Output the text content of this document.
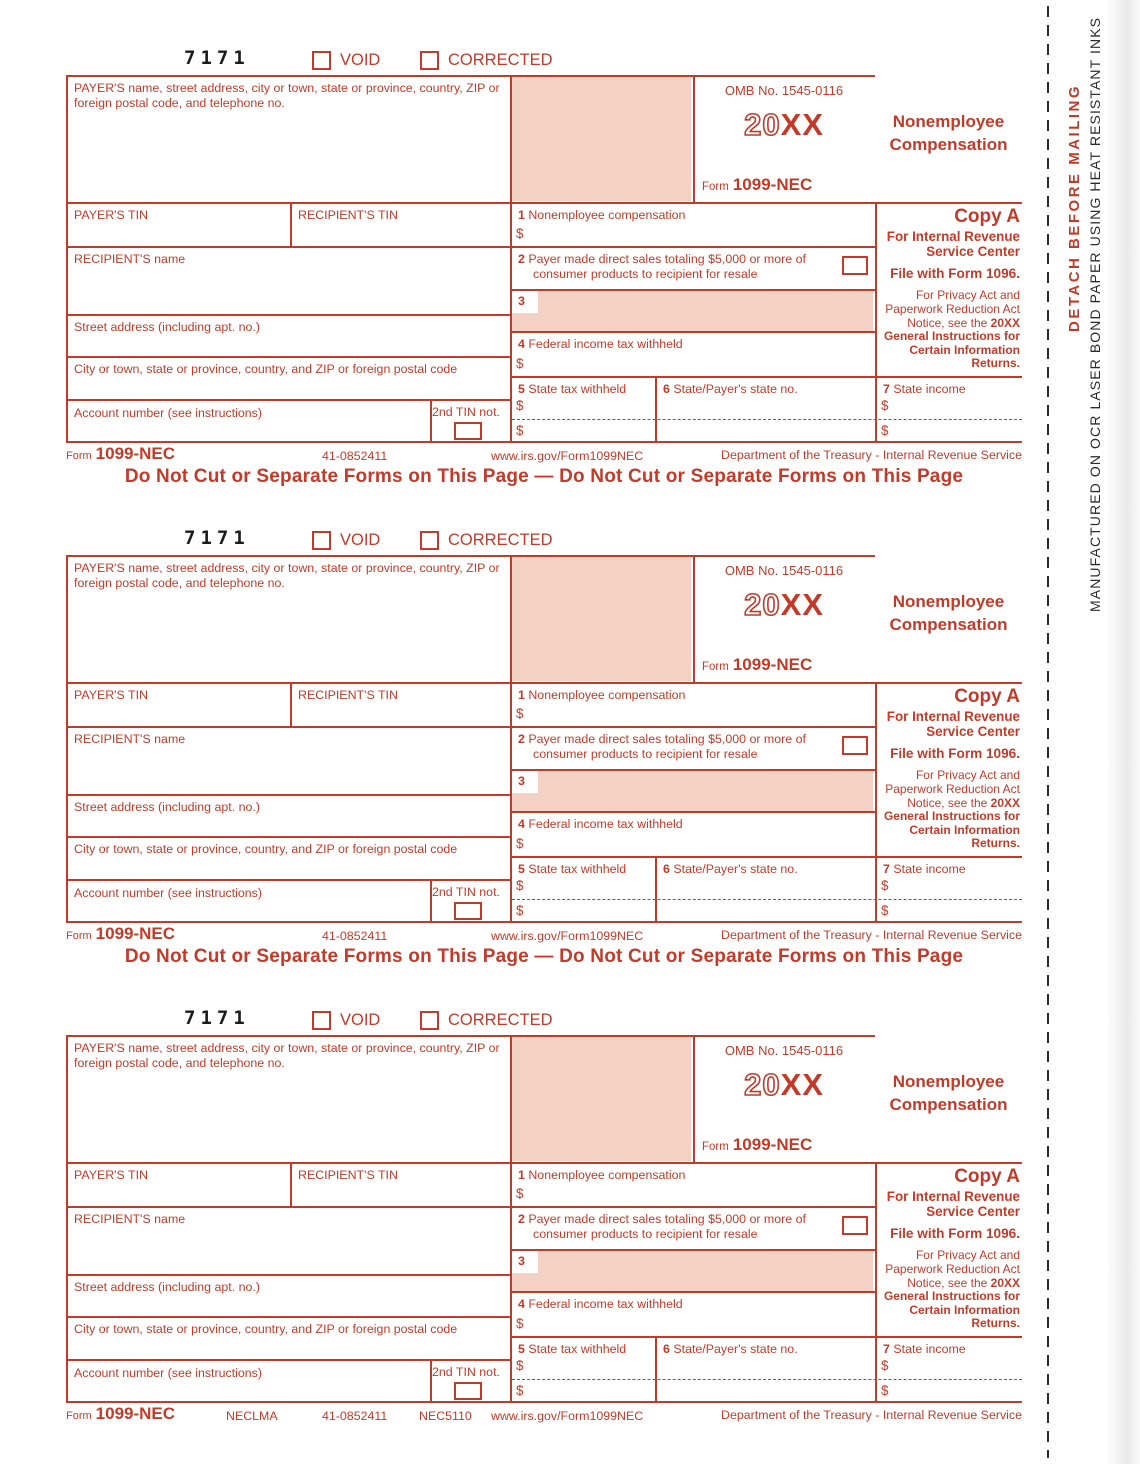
7171	VOID	CORRECTED
PAYER'S name, street address, city or town, state or province, country, ZIP or foreign postal code, and telephone no.
PAYER'S TIN	RECIPIENT'S TIN
RECIPIENT'S name
Street address (including apt. no.)
City or town, state or province, country, and ZIP or foreign postal code
Account number (see instructions)	2nd TIN not.
OMB No. 1545-0116
20XX
Form 1099-NEC
Nonemployee Compensation
1 Nonemployee compensation
$
2 Payer made direct sales totaling $5,000 or more of consumer products to recipient for resale
3
4 Federal income tax withheld
$
5 State tax withheld	6 State/Payer's state no.	7 State income
$
$
$
$
Copy A
For Internal Revenue Service Center
File with Form 1096.
For Privacy Act and Paperwork Reduction Act Notice, see the 20XX General Instructions for Certain Information Returns.
Form 1099-NEC	41-0852411	www.irs.gov/Form1099NEC	Department of the Treasury - Internal Revenue Service
Do Not Cut or Separate Forms on This Page — Do Not Cut or Separate Forms on This Page
7171	VOID	CORRECTED
PAYER'S name, street address, city or town, state or province, country, ZIP or foreign postal code, and telephone no.
PAYER'S TIN	RECIPIENT'S TIN
RECIPIENT'S name
Street address (including apt. no.)
City or town, state or province, country, and ZIP or foreign postal code
Account number (see instructions)	2nd TIN not.
OMB No. 1545-0116
20XX
Form 1099-NEC
Nonemployee Compensation
1 Nonemployee compensation
$
2 Payer made direct sales totaling $5,000 or more of consumer products to recipient for resale
3
4 Federal income tax withheld
$
5 State tax withheld	6 State/Payer's state no.	7 State income
$
$
$
$
Copy A
For Internal Revenue Service Center
File with Form 1096.
For Privacy Act and Paperwork Reduction Act Notice, see the 20XX General Instructions for Certain Information Returns.
Form 1099-NEC	41-0852411	www.irs.gov/Form1099NEC	Department of the Treasury - Internal Revenue Service
Do Not Cut or Separate Forms on This Page — Do Not Cut or Separate Forms on This Page
7171	VOID	CORRECTED
PAYER'S name, street address, city or town, state or province, country, ZIP or foreign postal code, and telephone no.
PAYER'S TIN	RECIPIENT'S TIN
RECIPIENT'S name
Street address (including apt. no.)
City or town, state or province, country, and ZIP or foreign postal code
Account number (see instructions)	2nd TIN not.
OMB No. 1545-0116
20XX
Form 1099-NEC
Nonemployee Compensation
1 Nonemployee compensation
$
2 Payer made direct sales totaling $5,000 or more of consumer products to recipient for resale
3
4 Federal income tax withheld
$
5 State tax withheld	6 State/Payer's state no.	7 State income
$
$
$
$
Copy A
For Internal Revenue Service Center
File with Form 1096.
For Privacy Act and Paperwork Reduction Act Notice, see the 20XX General Instructions for Certain Information Returns.
Form 1099-NEC	NECLMA	41-0852411	NEC5110 www.irs.gov/Form1099NEC	Department of the Treasury - Internal Revenue Service
DETACH BEFORE MAILING MANUFACTURED ON OCR LASER BOND PAPER USING HEAT RESISTANT INKS
